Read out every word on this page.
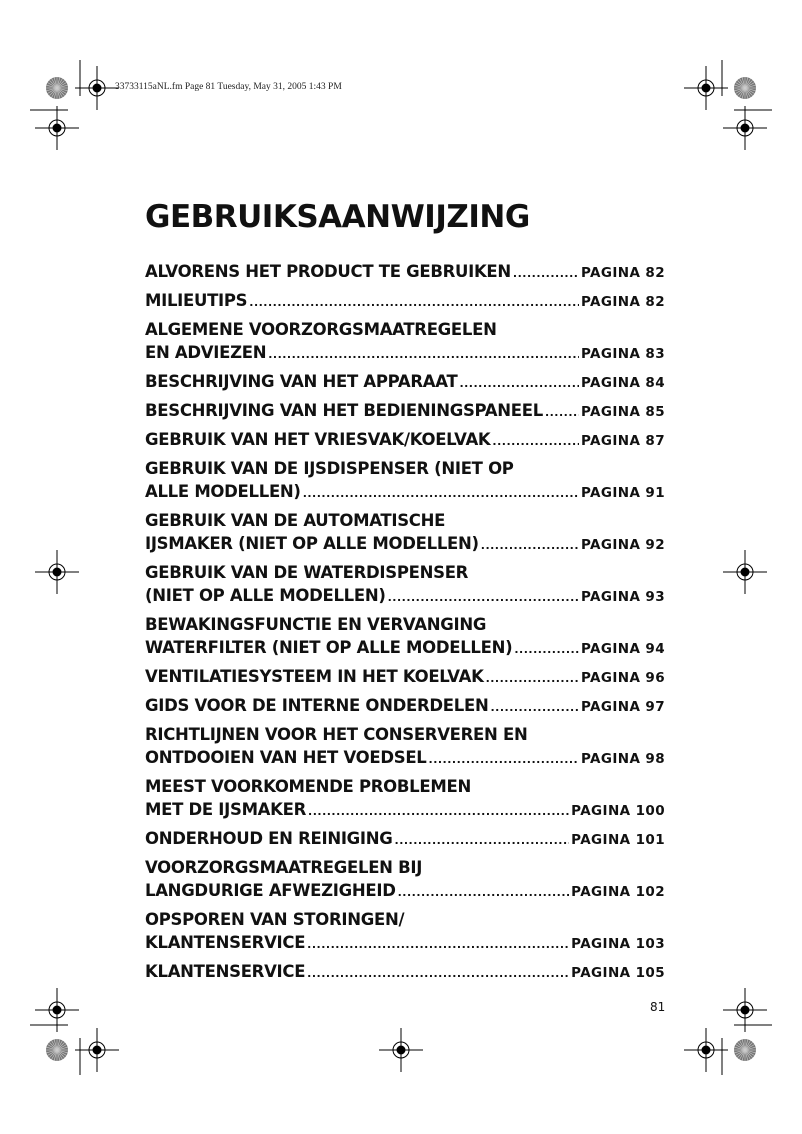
33733115aNL.fm Page 81 Tuesday, May 31, 2005 1:43 PM
GEBRUIKSAANWIJZING
ALVORENS HET PRODUCT TE GEBRUIKEN .....	PAGINA 82
MILIEUTIPS .....	PAGINA 82
ALGEMENE VOORZORGSMAATREGELEN
EN ADVIEZEN .....	PAGINA 83
BESCHRIJVING VAN HET APPARAAT .....	PAGINA 84
BESCHRIJVING VAN HET BEDIENINGSPANEEL .....	PAGINA 85
GEBRUIK VAN HET VRIESVAK/KOELVAK .....	PAGINA 87
GEBRUIK VAN DE IJSDISPENSER (NIET OP
ALLE MODELLEN) .....	PAGINA 91
GEBRUIK VAN DE AUTOMATISCHE
IJSMAKER (NIET OP ALLE MODELLEN) .....	PAGINA 92
GEBRUIK VAN DE WATERDISPENSER
(NIET OP ALLE MODELLEN) .....	PAGINA 93
BEWAKINGSFUNCTIE EN VERVANGING
WATERFILTER (NIET OP ALLE MODELLEN) .....	PAGINA 94
VENTILATIESYSTEEM IN HET KOELVAK .....	PAGINA 96
GIDS VOOR DE INTERNE ONDERDELEN .....	PAGINA 97
RICHTLIJNEN VOOR HET CONSERVEREN EN
ONTDOOIEN VAN HET VOEDSEL .....	PAGINA 98
MEEST VOORKOMENDE PROBLEMEN
MET DE IJSMAKER .....	PAGINA 100
ONDERHOUD EN REINIGING .....	PAGINA 101
VOORZORGSMAATREGELEN BIJ
LANGDURIGE AFWEZIGHEID .....	PAGINA 102
OPSPOREN VAN STORINGEN/
KLANTENSERVICE .....	PAGINA 103
KLANTENSERVICE .....	PAGINA 105
81
